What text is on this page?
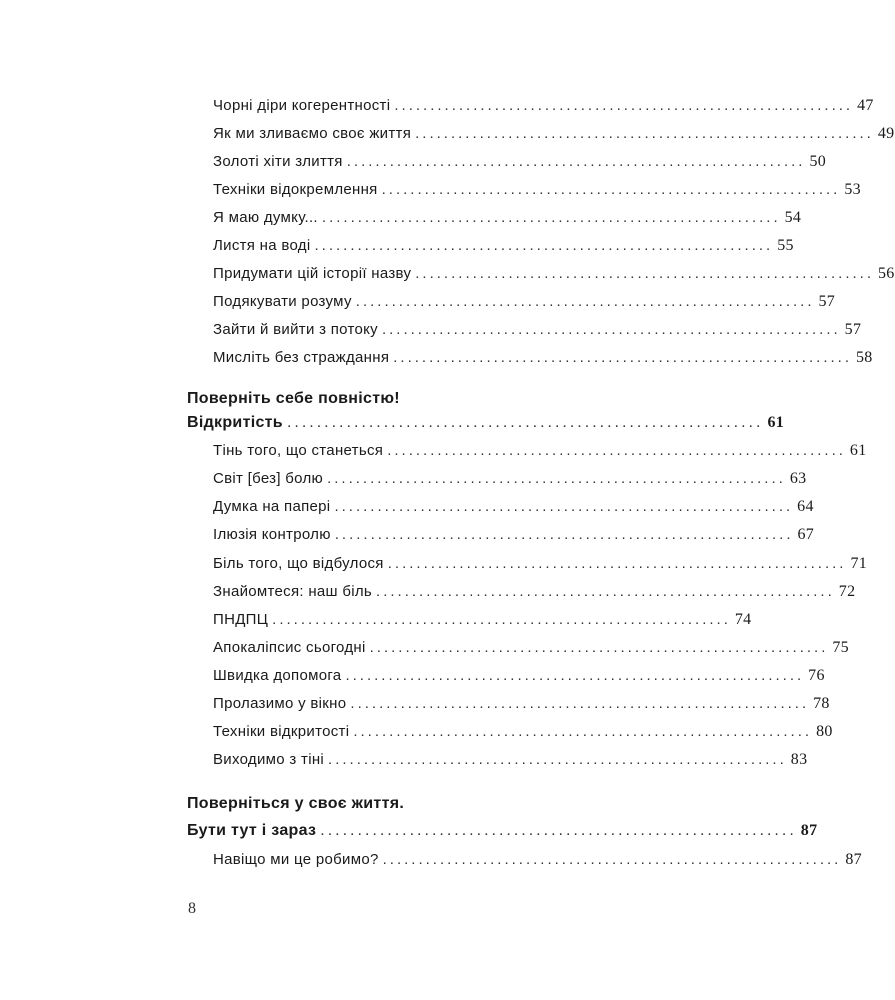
Чорні діри когерентності ................................................................ 47
Як ми зливаємо своє життя ................................................................ 49
Золоті хіти злиття ................................................................ 50
Техніки відокремлення ................................................................ 53
Я маю думку... ................................................................ 54
Листя на воді ................................................................ 55
Придумати цій історії назву ................................................................ 56
Подякувати розуму ................................................................ 57
Зайти й вийти з потоку ................................................................ 57
Мисліть без страждання ................................................................ 58
Поверніть себе повністю!
Відкритість ................................................................ 61
Тінь того, що станеться ................................................................ 61
Світ [без] болю ................................................................ 63
Думка на папері ................................................................ 64
Ілюзія контролю ................................................................ 67
Біль того, що відбулося ................................................................ 71
Знайомтеся: наш біль ................................................................ 72
ПНДПЦ ................................................................ 74
Апокаліпсис сьогодні ................................................................ 75
Швидка допомога ................................................................ 76
Пролазимо у вікно ................................................................ 78
Техніки відкритості ................................................................ 80
Виходимо з тіні ................................................................ 83
Поверніться у своє життя.
Бути тут і зараз ................................................................ 87
Навіщо ми це робимо? ................................................................ 87
8
